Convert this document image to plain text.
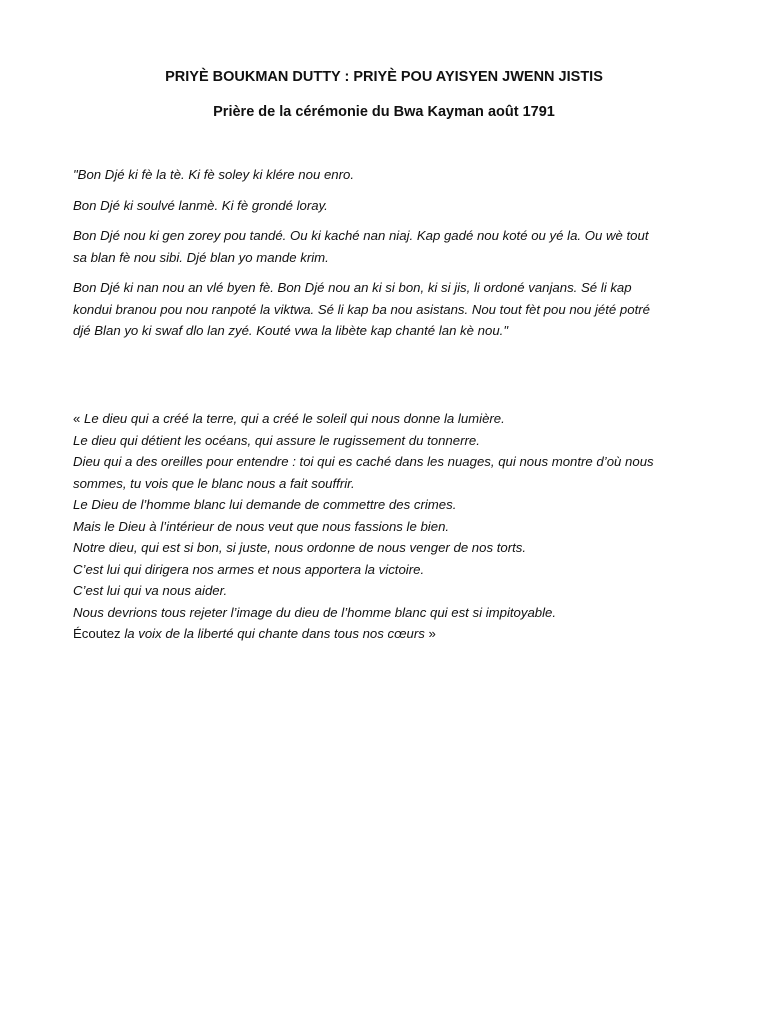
PRIYÈ BOUKMAN DUTTY : PRIYÈ POU AYISYEN JWENN JISTIS
Prière de la cérémonie du Bwa Kayman août 1791

"Bon Djé ki fè la tè. Ki fè soley ki klére nou enro.

Bon Djé ki soulvé lanmè. Ki fè grondé loray.

Bon Djé nou ki gen zorey pou tandé. Ou ki kaché nan niaj. Kap gadé nou koté ou yé la. Ou wè tout
sa blan fè nou sibi. Djé blan yo mande krim.

Bon Djé ki nan nou an vlé byen fè. Bon Djé nou an ki si bon, ki si jis, li ordoné vanjans. Sé li kap
kondui branou pou nou ranpoté la viktwa. Sé li kap ba nou asistans. Nou tout fèt pou nou jété potré
djé Blan yo ki swaf dlo lan zyé. Kouté vwa la libète kap chanté lan kè nou."

« Le dieu qui a créé la terre, qui a créé le soleil qui nous donne la lumière.
Le dieu qui détient les océans, qui assure le rugissement du tonnerre.
Dieu qui a des oreilles pour entendre : toi qui es caché dans les nuages, qui nous montre d’où nous
sommes, tu vois que le blanc nous a fait souffrir.
Le Dieu de l’homme blanc lui demande de commettre des crimes.
Mais le Dieu à l’intérieur de nous veut que nous fassions le bien.
Notre dieu, qui est si bon, si juste, nous ordonne de nous venger de nos torts.
C’est lui qui dirigera nos armes et nous apportera la victoire.
C’est lui qui va nous aider.
Nous devrions tous rejeter l’image du dieu de l’homme blanc qui est si impitoyable.
Écoutez la voix de la liberté qui chante dans tous nos cœurs »
